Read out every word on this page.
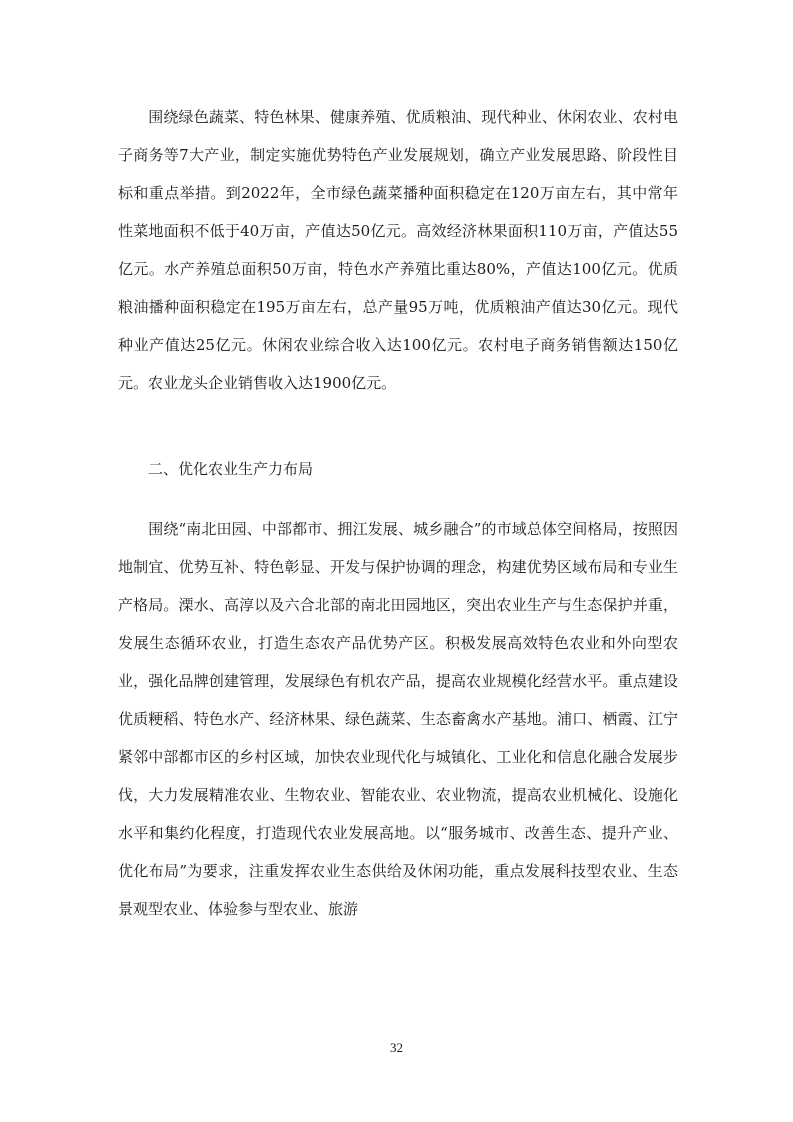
　　围绕绿色蔬菜、特色林果、健康养殖、优质粮油、现代种业、休闲农业、农村电子商务等7大产业，制定实施优势特色产业发展规划，确立产业发展思路、阶段性目标和重点举措。到2022年，全市绿色蔬菜播种面积稳定在120万亩左右，其中常年性菜地面积不低于40万亩，产值达50亿元。高效经济林果面积110万亩，产值达55亿元。水产养殖总面积50万亩，特色水产养殖比重达80%，产值达100亿元。优质粮油播种面积稳定在195万亩左右，总产量95万吨，优质粮油产值达30亿元。现代种业产值达25亿元。休闲农业综合收入达100亿元。农村电子商务销售额达150亿元。农业龙头企业销售收入达1900亿元。

　　二、优化农业生产力布局

　　围绕“南北田园、中部都市、拥江发展、城乡融合”的市域总体空间格局，按照因地制宜、优势互补、特色彰显、开发与保护协调的理念，构建优势区域布局和专业生产格局。溧水、高淳以及六合北部的南北田园地区，突出农业生产与生态保护并重，发展生态循环农业，打造生态农产品优势产区。积极发展高效特色农业和外向型农业，强化品牌创建管理，发展绿色有机农产品，提高农业规模化经营水平。重点建设优质粳稻、特色水产、经济林果、绿色蔬菜、生态畜禽水产基地。浦口、栖霞、江宁紧邻中部都市区的乡村区域，加快农业现代化与城镇化、工业化和信息化融合发展步伐，大力发展精准农业、生物农业、智能农业、农业物流，提高农业机械化、设施化水平和集约化程度，打造现代农业发展高地。以“服务城市、改善生态、提升产业、优化布局”为要求，注重发挥农业生态供给及休闲功能，重点发展科技型农业、生态景观型农业、体验参与型农业、旅游

32
